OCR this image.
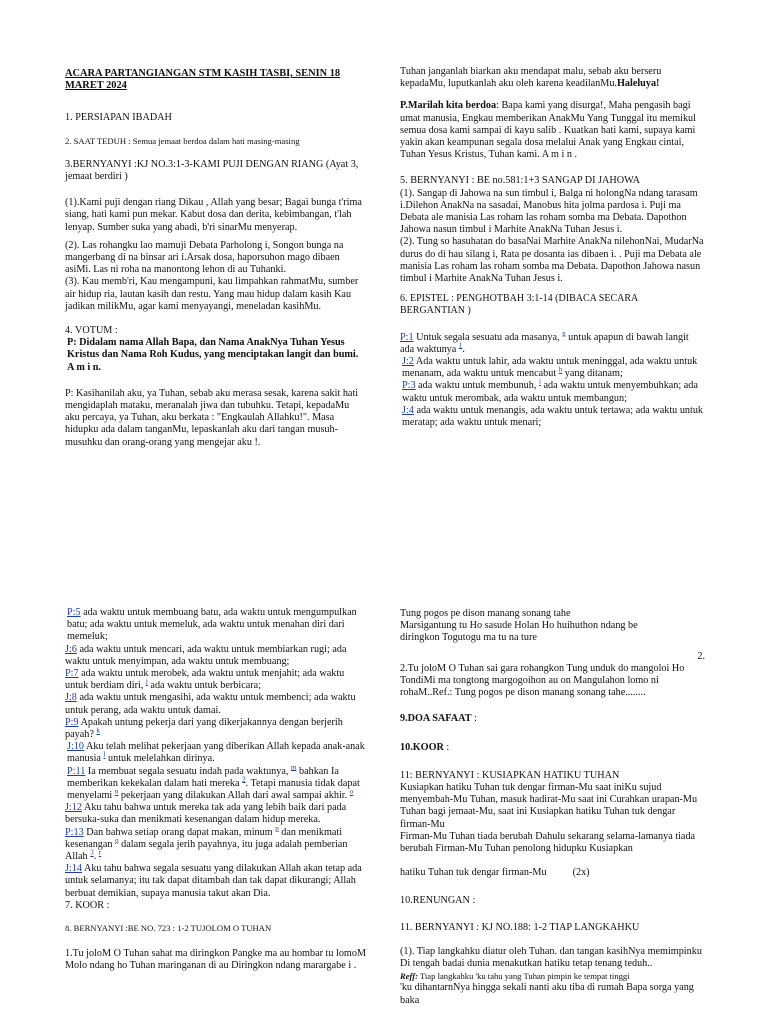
ACARA PARTANGIANGAN STM KASIH TASBI, SENIN 18 MARET 2024

1. PERSIAPAN IBADAH

2. SAAT TEDUH : Semua jemaat berdoa dalam hati masing-masing

3.BERNYANYI :KJ NO.3:1-3-KAMI PUJI DENGAN RIANG (Ayat 3, jemaat berdiri )

(1).Kami puji dengan riang Dikau , Allah yang besar; Bagai bunga t'rima siang, hati kami pun mekar. Kabut dosa dan derita, kebimbangan, t'lah lenyap. Sumber suka yang abadi, b'ri sinarMu menyerap.

(2). Las rohangku lao mamuji Debata Parholong i, Songon bunga na mangerbang di na binsar ari i.Arsak dosa, haporsuhon mago dibaen asiMi. Las ni roha na manontong lehon di au Tuhanki.

(3). Kau memb'ri, Kau mengampuni, kau limpahkan rahmatMu, sumber air hidup ria, lautan kasih dan restu. Yang mau hidup dalam kasih Kau jadikan milikMu, agar kami menyayangi, meneladan kasihMu.

4. VOTUM :

P: Didalam nama Allah Bapa, dan Nama AnakNya Tuhan Yesus Kristus dan Nama Roh Kudus, yang menciptakan langit dan bumi. A m i n.

P: Kasihanilah aku, ya Tuhan, sebab aku merasa sesak, karena sakit hati mengidaplah mataku, meranalah jiwa dan tubuhku. Tetapi, kepadaMu aku percaya, ya Tuhan, aku berkata : "Engkaulah Allahku!". Masa hidupku ada dalam tanganMu, lepaskanlah aku dari tangan musuh-musuhku dan orang-orang yang mengejar aku !.

Tuhan janganlah biarkan aku mendapat malu, sebab aku berseru kepadaMu, luputkanlah aku oleh karena keadilanMu.Haleluya!

P.Marilah kita berdoa: Bapa kami yang disurga!, Maha pengasih bagi umat manusia, Engkau memberikan AnakMu Yang Tunggal itu memikul semua dosa kami sampai di kayu salib . Kuatkan hati kami, supaya kami yakin akan keampunan segala dosa melalui Anak yang Engkau cintai, Tuhan Yesus Kristus, Tuhan kami. A m i n .

5. BERNYANYI : BE no.581:1+3 SANGAP DI JAHOWA

(1). Sangap di Jahowa na sun timbul i, Balga ni holongNa ndang tarasam i.Dilehon AnakNa na sasadai, Manobus hita jolma pardosa i. Puji ma Debata ale manisia Las roham las roham somba ma Debata. Dapothon Jahowa nasun timbul i Marhite AnakNa Tuhan Jesus i.

(2). Tung so hasuhatan do basaNai Marhite AnakNa nilehonNai, MudarNa durus do di hau silang i, Rata pe dosanta ias dibaen i. . Puji ma Debata ale manisia Las roham las roham somba ma Debata. Dapothon Jahowa nasun timbul i Marhite AnakNa Tuhan Jesus i.

6. EPISTEL : PENGHOTBAH 3:1-14 (DIBACA SECARA BERGANTIAN )

P:1 Untuk segala sesuatu ada masanya, $^g$ untuk apapun di bawah langit ada waktunya $^1$.

J:2 Ada waktu untuk lahir, ada waktu untuk meninggal, ada waktu untuk menanam, ada waktu untuk mencabut $^h$ yang ditanam;

P:3 ada waktu untuk membunuh, $^i$ ada waktu untuk menyembuhkan; ada waktu untuk merombak, ada waktu untuk membangun;

J:4 ada waktu untuk menangis, ada waktu untuk tertawa; ada waktu untuk meratap; ada waktu untuk menari;

P:5 ada waktu untuk membuang batu, ada waktu untuk mengumpulkan batu; ada waktu untuk memeluk, ada waktu untuk menahan diri dari memeluk;

J:6 ada waktu untuk mencari, ada waktu untuk membiarkan rugi; ada waktu untuk menyimpan, ada waktu untuk membuang;

P:7 ada waktu untuk merobek, ada waktu untuk menjahit; ada waktu untuk berdiam diri, $^j$ ada waktu untuk berbicara;

J:8 ada waktu untuk mengasihi, ada waktu untuk membenci; ada waktu untuk perang, ada waktu untuk damai.

P:9 Apakah untung pekerja dari yang dikerjakannya dengan berjerih payah? $^k$

J:10 Aku telah melihat pekerjaan yang diberikan Allah kepada anak-anak manusia $^l$ untuk melelahkan dirinya.

P:11 Ia membuat segala sesuatu indah pada waktunya, $^m$ bahkan Ia memberikan kekekalan dalam hati mereka $^2$. Tetapi manusia tidak dapat menyelami $^n$ pekerjaan yang dilakukan Allah dari awal sampai akhir. $^o$

J:12 Aku tahu bahwa untuk mereka tak ada yang lebih baik dari pada bersuka-suka dan menikmati kesenangan dalam hidup mereka.

P:13 Dan bahwa setiap orang dapat makan, minum $^p$ dan menikmati kesenangan $^q$ dalam segala jerih payahnya, itu juga adalah pemberian Allah $^3$. $^r$

J:14 Aku tahu bahwa segala sesuatu yang dilakukan Allah akan tetap ada untuk selamanya; itu tak dapat ditambah dan tak dapat dikurangi; Allah berbuat demikian, supaya manusia takut akan Dia.

7. KOOR :

8. BERNYANYI :BE NO. 723 : 1-2 TUJOLOM O TUHAN

1.Tu joloM O Tuhan sahat ma diringkon Pangke ma au hombar tu lomoM Molo ndang ho Tuhan maringanan di au Diringkon ndang marargabe i .

Tung pogos pe dison manang sonang tahe

Marsigantung tu Ho sasude Holan Ho huihuthon ndang be

diringkon Togutogu ma tu na ture

2.

2.Tu joloM O Tuhan sai gara rohangkon Tung unduk do mangoloi Ho TondiMi ma tongtong margogoihon au on Mangulahon lomo ni rohaM..Ref.: Tung pogos pe dison manang sonang tahe........

9.DOA SAFAAT :

10.KOOR :

11: BERNYANYI : KUSIAPKAN HATIKU TUHAN

Kusiapkan hatiku Tuhan tuk dengar firman-Mu saat iniKu sujud menyembah-Mu Tuhan, masuk hadirat-Mu saat ini Curahkan urapan-Mu Tuhan bagi jemaat-Mu, saat ini Kusiapkan hatiku Tuhan tuk dengar firman-Mu

Firman-Mu Tuhan tiada berubah Dahulu sekarang selama-lamanya tiada berubah Firman-Mu Tuhan penolong hidupku Kusiapkan

hatiku Tuhan tuk dengar firman-Mu	(2x)

10.RENUNGAN :

11. BERNYANYI : KJ NO.188: 1-2 TIAP LANGKAHKU

(1). Tiap langkahku diatur oleh Tuhan. dan tangan kasihNya memimpinku Di tengah badai dunia menakutkan hatiku tetap tenang teduh..

Reff: Tiap langkahku 'ku tahu yang Tuhan pimpin ke tempat tinggi

'ku dihantarnNya hingga sekali nanti aku tiba di rumah Bapa sorga yang baka
